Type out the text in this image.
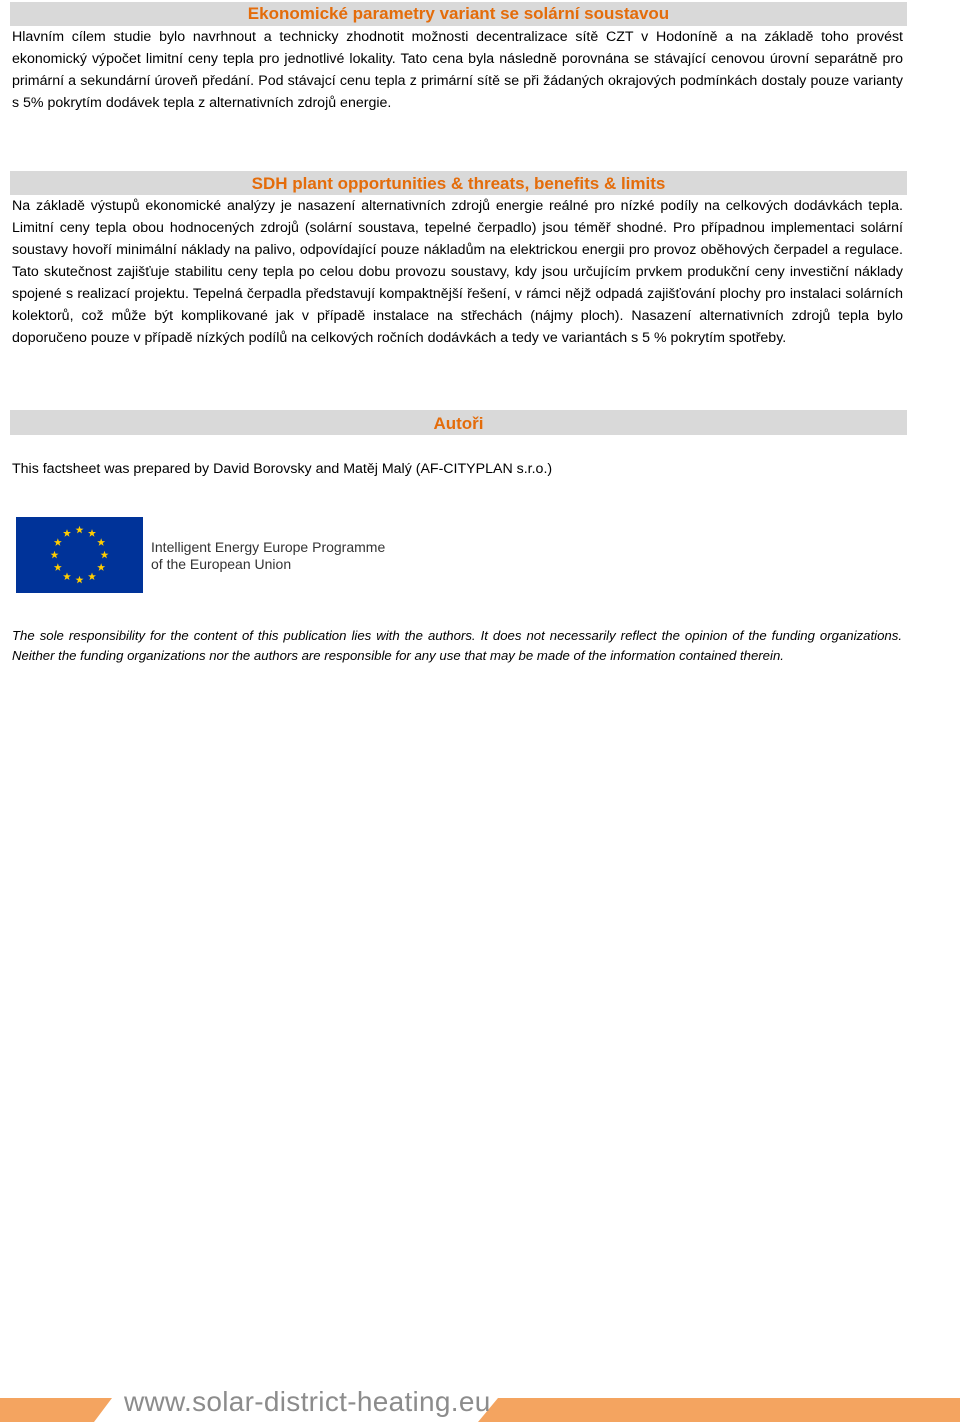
Ekonomické parametry variant se solární soustavou
Hlavním cílem studie bylo navrhnout a technicky zhodnotit možnosti decentralizace sítě CZT v Hodoníně a na základě toho provést ekonomický výpočet limitní ceny tepla pro jednotlivé lokality. Tato cena byla následně porovnána se stávající cenovou úrovní separátně pro primární a sekundární úroveň předání. Pod stávajcí cenu tepla z primární sítě se při žádaných okrajových podmínkách dostaly pouze varianty s 5% pokrytím dodávek tepla z alternativních zdrojů energie.
SDH plant opportunities & threats, benefits & limits
Na základě výstupů ekonomické analýzy je nasazení alternativních zdrojů energie reálné pro nízké podíly na celkových dodávkách tepla. Limitní ceny tepla obou hodnocených zdrojů (solární soustava, tepelné čerpadlo) jsou téměř shodné. Pro případnou implementaci solární soustavy hovoří minimální náklady na palivo, odpovídající pouze nákladům na elektrickou energii pro provoz oběhových čerpadel a regulace. Tato skutečnost zajišťuje stabilitu ceny tepla po celou dobu provozu soustavy, kdy jsou určujícím prvkem produkční ceny investiční náklady spojené s realizací projektu. Tepelná čerpadla představují kompaktnější řešení, v rámci nějž odpadá zajišťování plochy pro instalaci solárních kolektorů, což může být komplikované jak v případě instalace na střechách (nájmy ploch). Nasazení alternativních zdrojů tepla bylo doporučeno pouze v případě nízkých podílů na celkových ročních dodávkách a tedy ve variantách s 5 % pokrytím spotřeby.
Autoři
This factsheet was prepared by David Borovsky and Matěj Malý (AF-CITYPLAN s.r.o.)
Intelligent Energy Europe Programme
of the European Union
The sole responsibility for the content of this publication lies with the authors. It does not necessarily reflect the opinion of the funding organizations. Neither the funding organizations nor the authors are responsible for any use that may be made of the information contained therein.
www.solar-district-heating.eu
